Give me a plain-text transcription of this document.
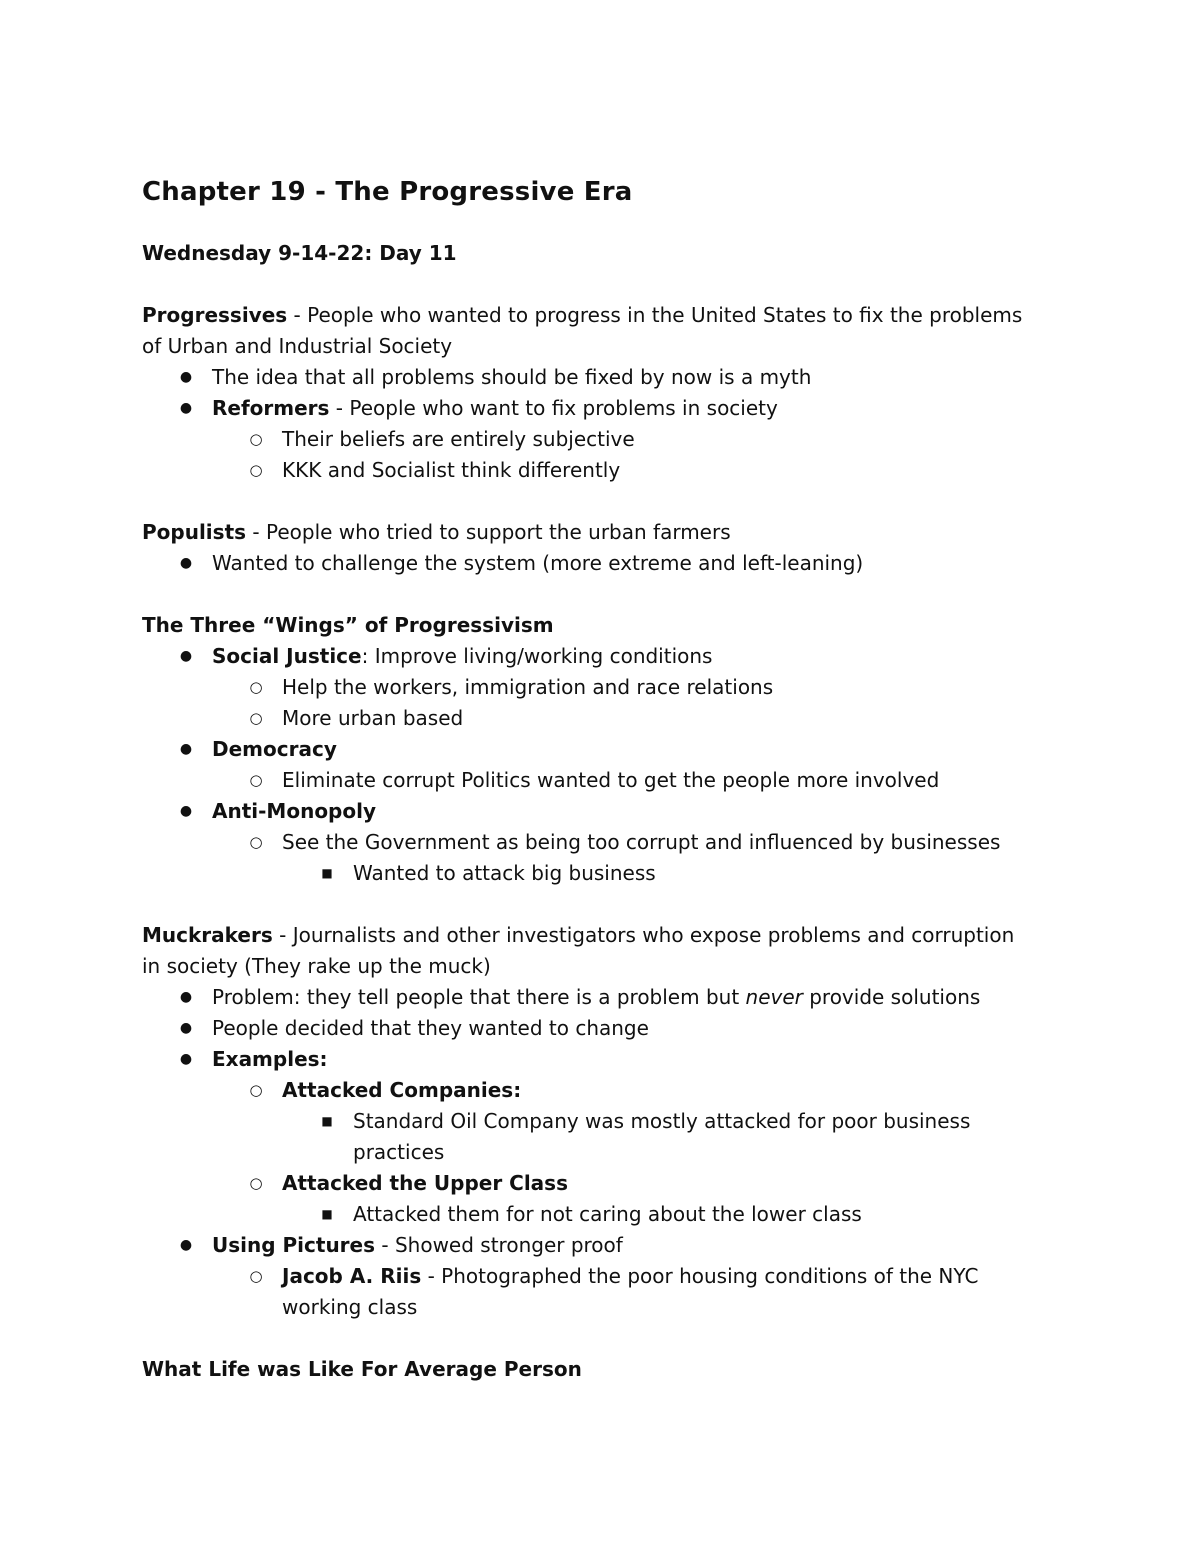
Chapter 19 - The Progressive Era
Wednesday 9-14-22: Day 11
Progressives - People who wanted to progress in the United States to fix the problems
of Urban and Industrial Society
● The idea that all problems should be fixed by now is a myth
● Reformers - People who want to fix problems in society
○ Their beliefs are entirely subjective
○ KKK and Socialist think differently
Populists - People who tried to support the urban farmers
● Wanted to challenge the system (more extreme and left-leaning)
The Three “Wings” of Progressivism
● Social Justice: Improve living/working conditions
○ Help the workers, immigration and race relations
○ More urban based
● Democracy
○ Eliminate corrupt Politics wanted to get the people more involved
● Anti-Monopoly
○ See the Government as being too corrupt and influenced by businesses
■ Wanted to attack big business
Muckrakers - Journalists and other investigators who expose problems and corruption
in society (They rake up the muck)
● Problem: they tell people that there is a problem but never provide solutions
● People decided that they wanted to change
● Examples:
○ Attacked Companies:
■ Standard Oil Company was mostly attacked for poor business
practices
○ Attacked the Upper Class
■ Attacked them for not caring about the lower class
● Using Pictures - Showed stronger proof
○ Jacob A. Riis - Photographed the poor housing conditions of the NYC
working class
What Life was Like For Average Person
